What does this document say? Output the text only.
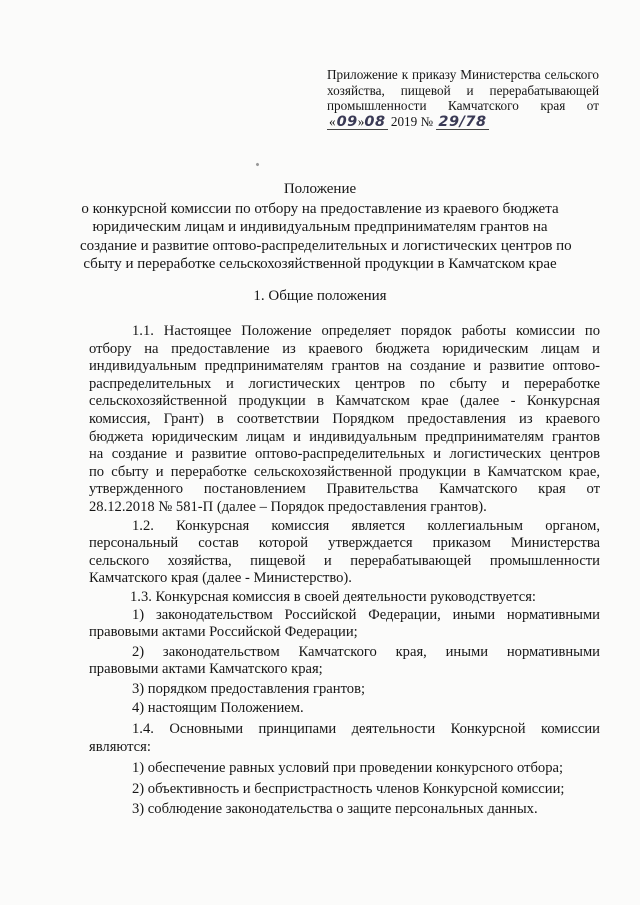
Приложение к приказу Министерства сельского
хозяйства, пищевой и перерабатывающей
промышленности Камчатского края от
«09»08 2019 № 29/78
Положение
о конкурсной комиссии по отбору на предоставление из краевого бюджета
юридическим лицам и индивидуальным предпринимателям грантов на
создание и развитие оптово-распределительных и логистических центров по
сбыту и переработке сельскохозяйственной продукции в Камчатском крае
1. Общие положения
1.1. Настоящее Положение определяет порядок работы комиссии по
отбору на предоставление из краевого бюджета юридическим лицам и
индивидуальным предпринимателям грантов на создание и развитие оптово-
распределительных и логистических центров по сбыту и переработке
сельскохозяйственной продукции в Камчатском крае (далее - Конкурсная
комиссия, Грант) в соответствии Порядком предоставления из краевого
бюджета юридическим лицам и индивидуальным предпринимателям грантов
на создание и развитие оптово-распределительных и логистических центров
по сбыту и переработке сельскохозяйственной продукции в Камчатском крае,
утвержденного постановлением Правительства Камчатского края от
28.12.2018 № 581-П (далее – Порядок предоставления грантов).
1.2. Конкурсная комиссия является коллегиальным органом,
персональный состав которой утверждается приказом Министерства
сельского хозяйства, пищевой и перерабатывающей промышленности
Камчатского края (далее - Министерство).
1.3. Конкурсная комиссия в своей деятельности руководствуется:
1) законодательством Российской Федерации, иными нормативными
правовыми актами Российской Федерации;
2) законодательством Камчатского края, иными нормативными
правовыми актами Камчатского края;
3) порядком предоставления грантов;
4) настоящим Положением.
1.4. Основными принципами деятельности Конкурсной комиссии
являются:
1) обеспечение равных условий при проведении конкурсного отбора;
2) объективность и беспристрастность членов Конкурсной комиссии;
3) соблюдение законодательства о защите персональных данных.
